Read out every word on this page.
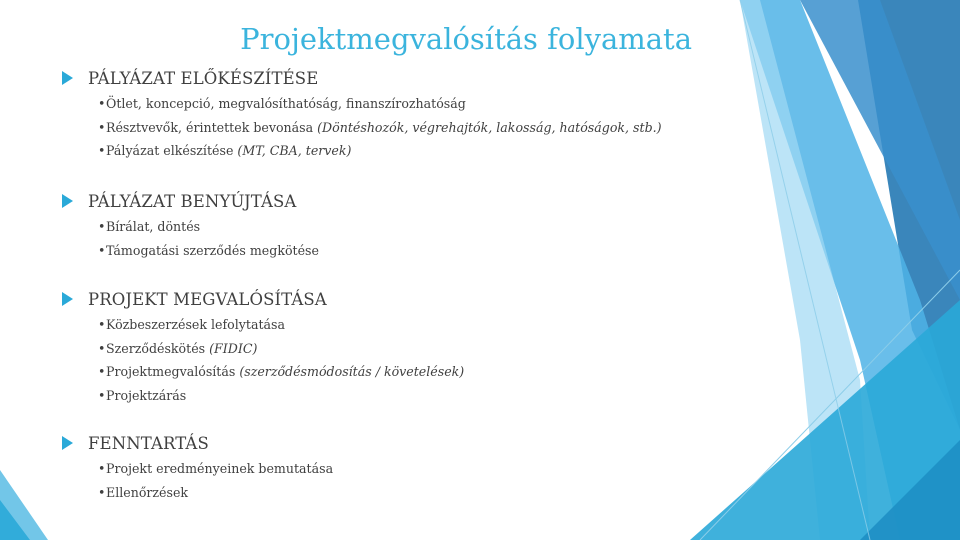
Projektmegvalósítás folyamata
PÁLYÁZAT ELŐKÉSZÍTÉSE
•Ötlet, koncepció, megvalósíthatóság, finanszírozhatóság
•Résztvevők, érintettek bevonása (Döntéshozók, végrehajtók, lakosság, hatóságok, stb.)
•Pályázat elkészítése (MT, CBA, tervek)
PÁLYÁZAT BENYÚJTÁSA
•Bírálat, döntés
•Támogatási szerződés megkötése
PROJEKT MEGVALÓSÍTÁSA
•Közbeszerzések lefolytatása
•Szerződéskötés (FIDIC)
•Projektmegvalósítás (szerződésmódosítás / követelések)
•Projektzárás
FENNTARTÁS
•Projekt eredményeinek bemutatása
•Ellenőrzések
